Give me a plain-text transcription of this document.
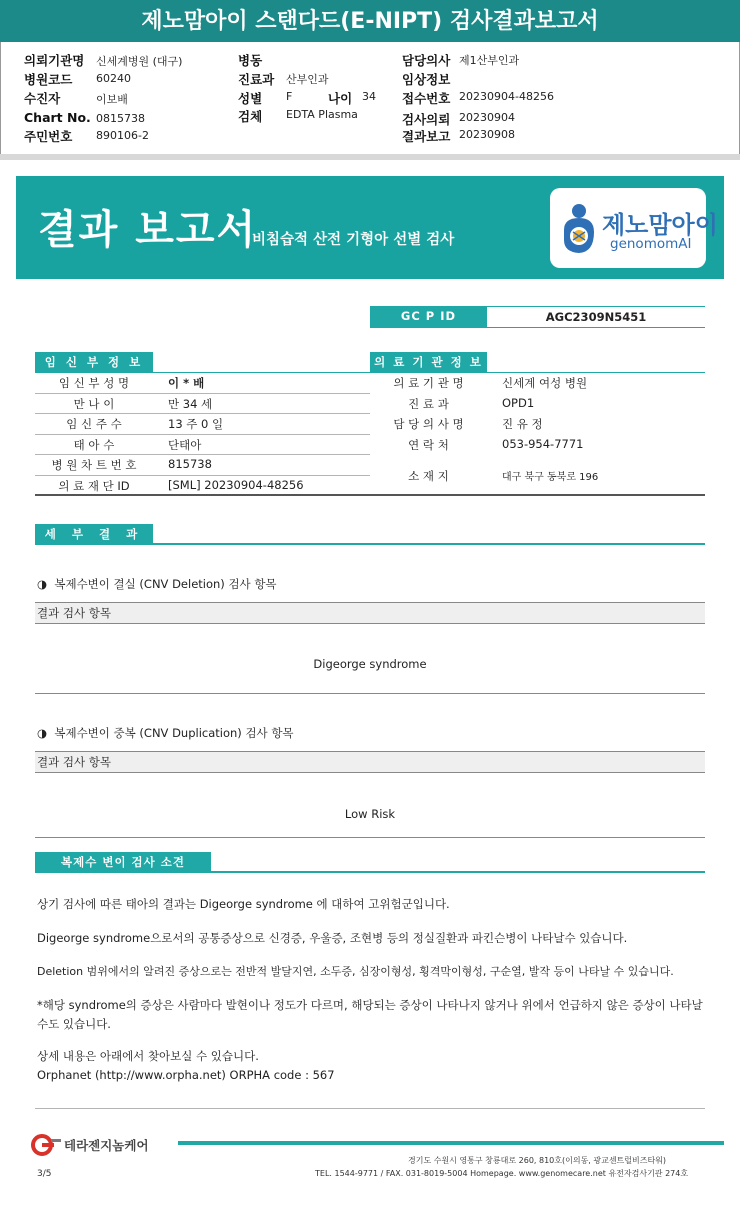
제노맘아이 스탠다드(E-NIPT) 검사결과보고서
의뢰기관명 신세계병원 (대구)
병원코드 60240
수진자	이보배
Chart No. 0815738
주민번호 890106-2
병동
진료과 산부인과
성별 F	나이 34
검체 EDTA Plasma
담당의사 제1산부인과
임상정보
접수번호 20230904-48256
검사의뢰 20230904
결과보고 20230908
결과 보고서
비침습적 산전 기형아 선별 검사
제노맘아이
genomomAI
GC P ID	AGC2309N5451
임 신 부 정 보
임 신 부 성 명	이 * 배
만 나 이	만 34 세
임 신 주 수	13 주 0 일
태 아 수	단태아
병 원 차 트 번 호	815738
의 료 재 단 ID	[SML] 20230904-48256
의 료 기 관 정 보
의 료 기 관 명	신세계 여성 병원
진 료 과	OPD1
담 당 의 사 명	진 유 정
연 락 처	053-954-7771
소 재 지	대구 북구 동북로 196
세 부 결 과
◑ 복제수변이 결실 (CNV Deletion) 검사 항목
결과 검사 항목
Digeorge syndrome
◑ 복제수변이 중복 (CNV Duplication) 검사 항목
결과 검사 항목
Low Risk
복제수 변이 검사 소견
상기 검사에 따른 태아의 결과는 Digeorge syndrome 에 대하여 고위험군입니다.
Digeorge syndrome으로서의 공통증상으로 신경증, 우울증, 조현병 등의 정실질환과 파킨슨병이 나타날수 있습니다.
Deletion 범위에서의 알려진 증상으로는 전반적 발달지연, 소두증, 심장이형성, 횡격막이형성, 구순열, 발작 등이 나타날 수 있습니다.
*해당 syndrome의 증상은 사람마다 발현이나 정도가 다르며, 해당되는 증상이 나타나지 않거나 위에서 언급하지 않은 증상이 나타날 수도 있습니다.
상세 내용은 아래에서 찾아보실 수 있습니다.
Orphanet (http://www.orpha.net) ORPHA code : 567
테라젠지놈케어
경기도 수원시 영통구 창룡대로 260, 810호(이의동, 광교센트럴비즈타워)
TEL. 1544-9771 / FAX. 031-8019-5004 Homepage. www.genomecare.net 유전자검사기관 274호
3/5
